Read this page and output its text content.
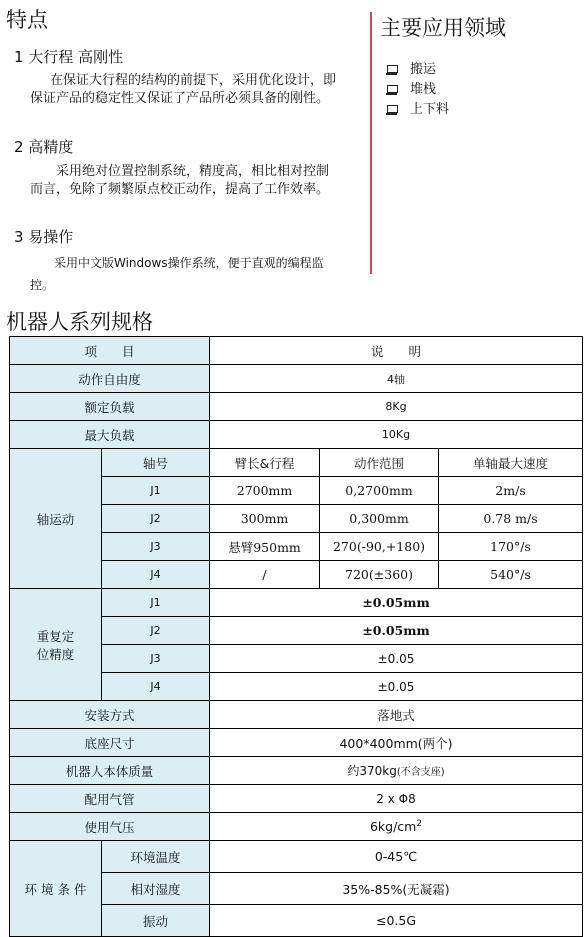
特点
1 大行程 高刚性
在保证大行程的结构的前提下，采用优化设计，即保证产品的稳定性又保证了产品所必须具备的刚性。
2 高精度
采用绝对位置控制系统，精度高，相比相对控制而言，免除了频繁原点校正动作，提高了工作效率。
3 易操作
采用中文版Windows操作系统，便于直观的编程监控。
主要应用领域
搬运
堆栈
上下料
机器人系列规格
项　　目		说　　明		
动作自由度		4轴		
额定负载		8Kg		
最大负载		10Kg		
轴运动	轴号	臂长&行程	动作范围	单轴最大速度
	J1	2700mm	0,2700mm	2m/s
	J2	300mm	0,300mm	0.78 m/s
	J3	悬臂950mm	270(-90,+180)	170°/s
	J4	/	720(±360)	540°/s

重复定
位精度	J1	±0.05mm		
	J2	±0.05mm		
	J3	±0.05		
	J4	±0.05		
安装方式		落地式		
底座尺寸		400*400mm(两个)		
机器人本体质量		约370kg(不含支座)		
配用气管		2 x Φ8		
使用气压		$6kg/cm^2$
环 境 条 件	环境温度	0-45℃		
	相对湿度	35%-85%(无凝霜)		
	振动	≤0.5G		
